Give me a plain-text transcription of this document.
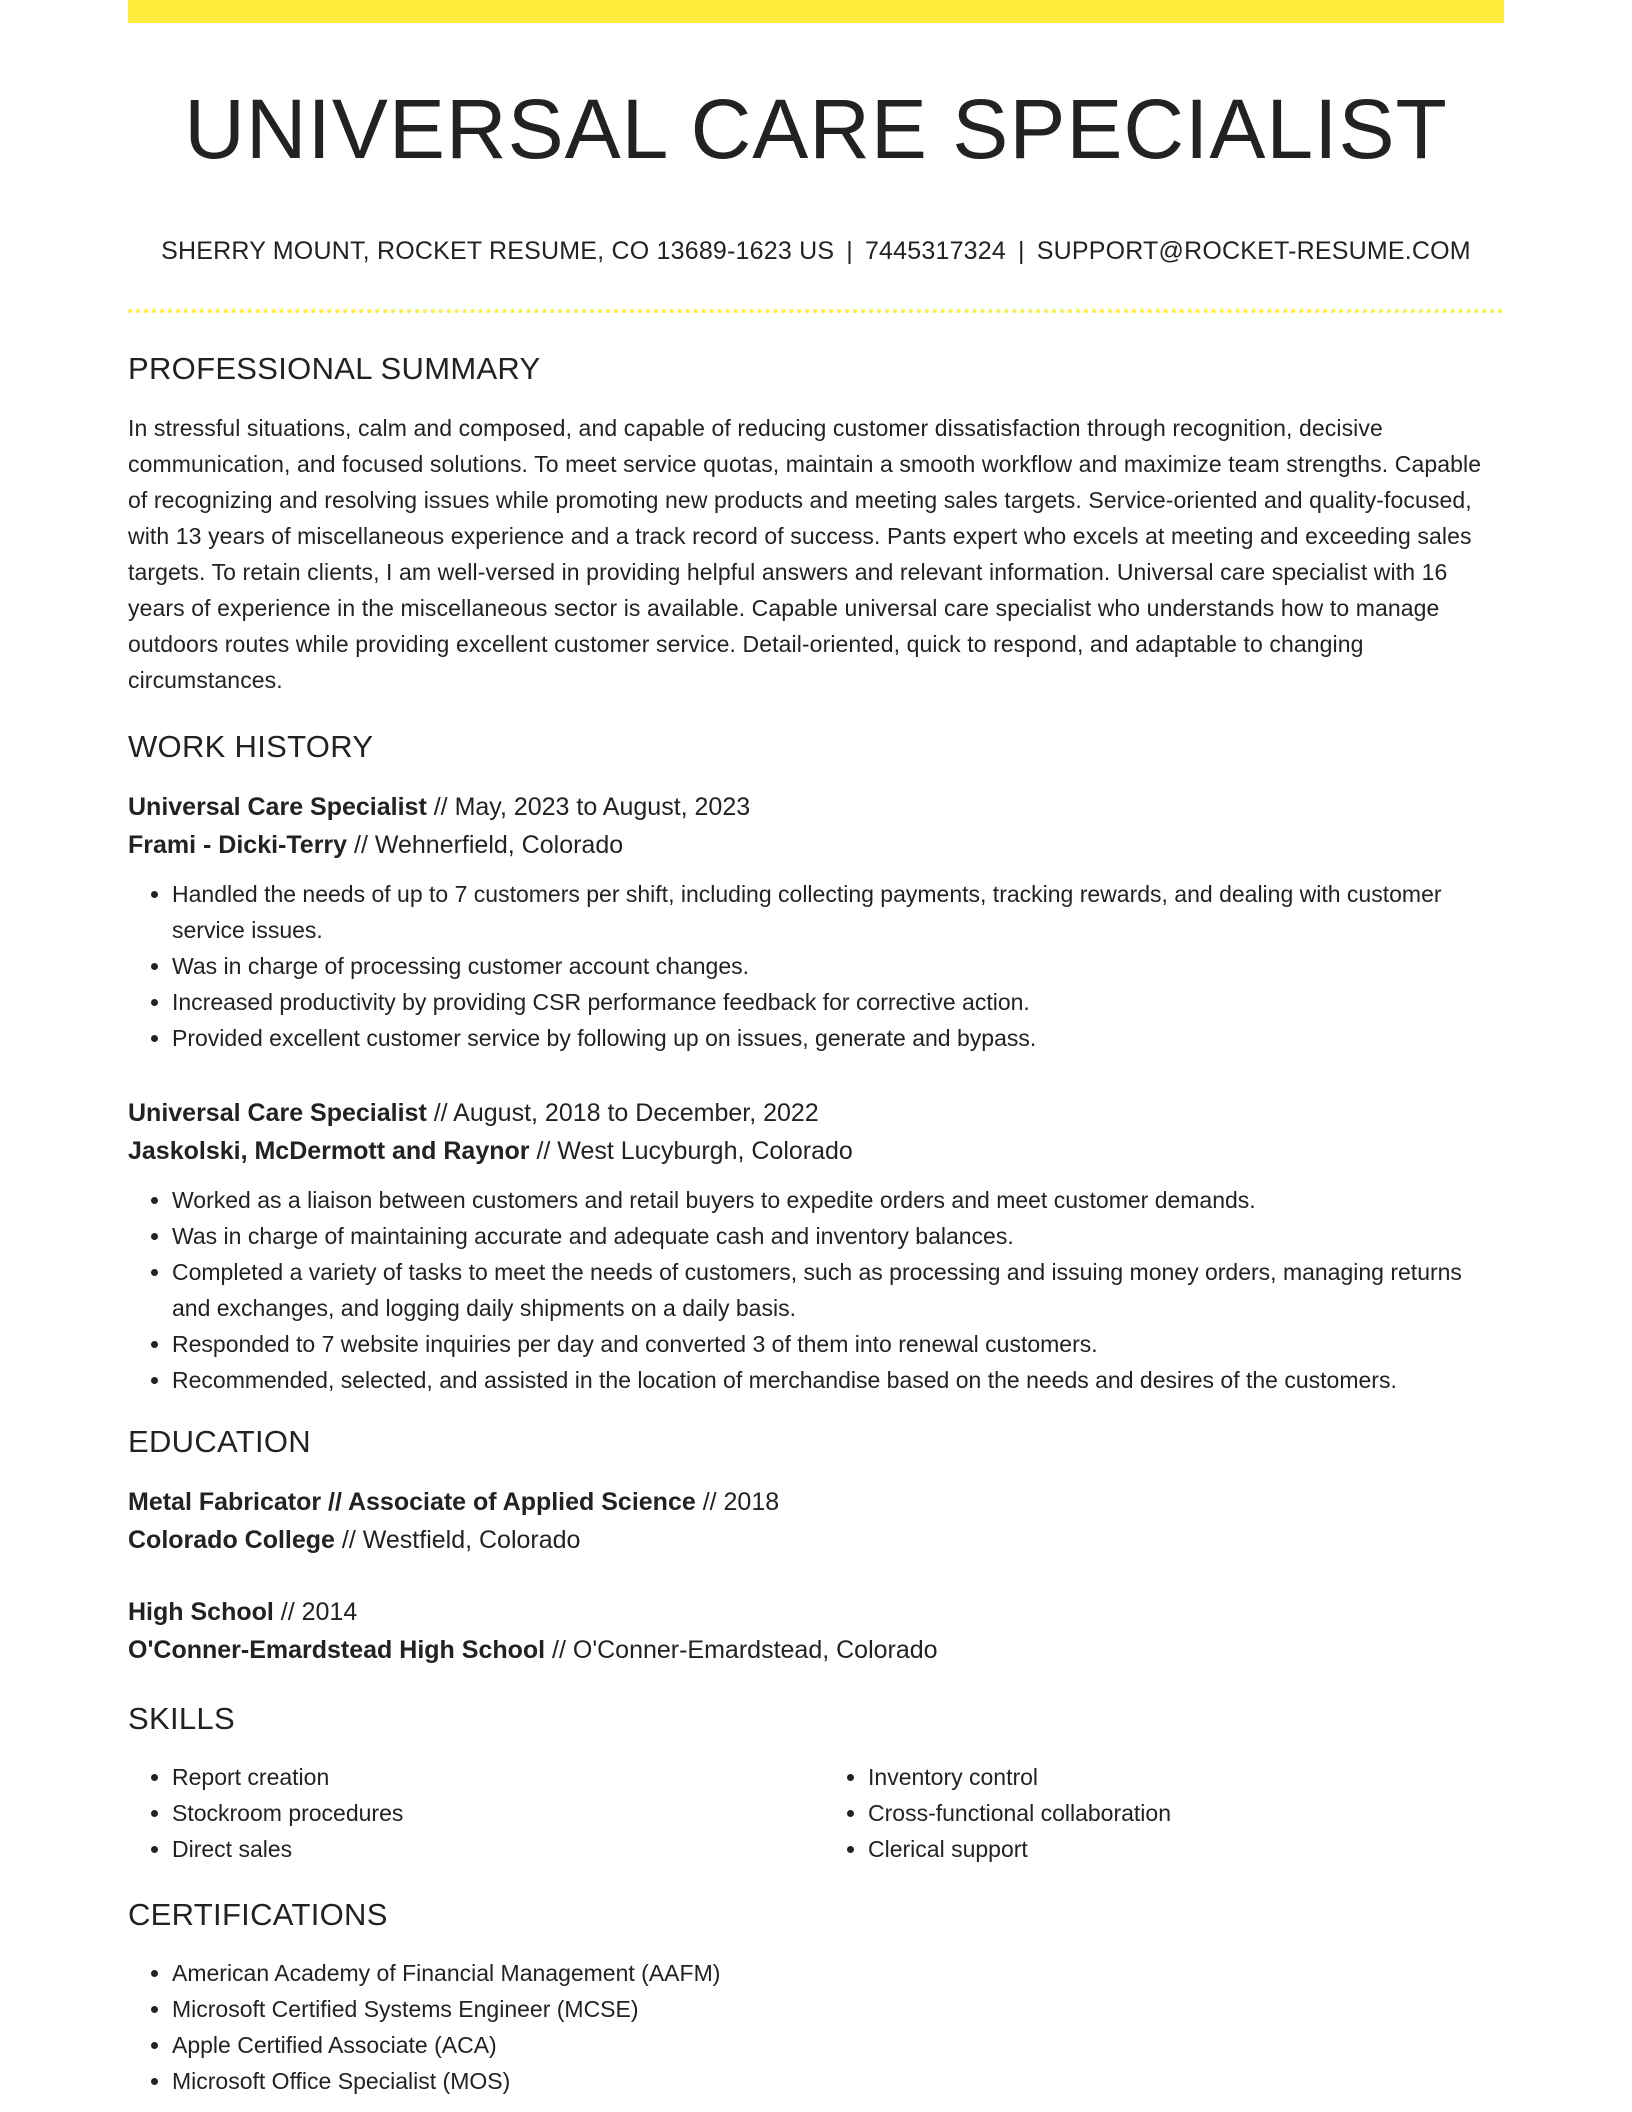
UNIVERSAL CARE SPECIALIST
SHERRY MOUNT, ROCKET RESUME, CO 13689-1623 US | 7445317324 | SUPPORT@ROCKET-RESUME.COM
PROFESSIONAL SUMMARY
In stressful situations, calm and composed, and capable of reducing customer dissatisfaction through recognition, decisive communication, and focused solutions. To meet service quotas, maintain a smooth workflow and maximize team strengths. Capable of recognizing and resolving issues while promoting new products and meeting sales targets. Service-oriented and quality-focused, with 13 years of miscellaneous experience and a track record of success. Pants expert who excels at meeting and exceeding sales targets. To retain clients, I am well-versed in providing helpful answers and relevant information. Universal care specialist with 16 years of experience in the miscellaneous sector is available. Capable universal care specialist who understands how to manage outdoors routes while providing excellent customer service. Detail-oriented, quick to respond, and adaptable to changing circumstances.
WORK HISTORY
Universal Care Specialist // May, 2023 to August, 2023
Frami - Dicki-Terry // Wehnerfield, Colorado
• Handled the needs of up to 7 customers per shift, including collecting payments, tracking rewards, and dealing with customer service issues.
• Was in charge of processing customer account changes.
• Increased productivity by providing CSR performance feedback for corrective action.
• Provided excellent customer service by following up on issues, generate and bypass.
Universal Care Specialist // August, 2018 to December, 2022
Jaskolski, McDermott and Raynor // West Lucyburgh, Colorado
• Worked as a liaison between customers and retail buyers to expedite orders and meet customer demands.
• Was in charge of maintaining accurate and adequate cash and inventory balances.
• Completed a variety of tasks to meet the needs of customers, such as processing and issuing money orders, managing returns and exchanges, and logging daily shipments on a daily basis.
• Responded to 7 website inquiries per day and converted 3 of them into renewal customers.
• Recommended, selected, and assisted in the location of merchandise based on the needs and desires of the customers.
EDUCATION
Metal Fabricator // Associate of Applied Science // 2018
Colorado College // Westfield, Colorado
High School // 2014
O'Conner-Emardstead High School // O'Conner-Emardstead, Colorado
SKILLS
• Report creation
• Stockroom procedures
• Direct sales
• Inventory control
• Cross-functional collaboration
• Clerical support
CERTIFICATIONS
• American Academy of Financial Management (AAFM)
• Microsoft Certified Systems Engineer (MCSE)
• Apple Certified Associate (ACA)
• Microsoft Office Specialist (MOS)
